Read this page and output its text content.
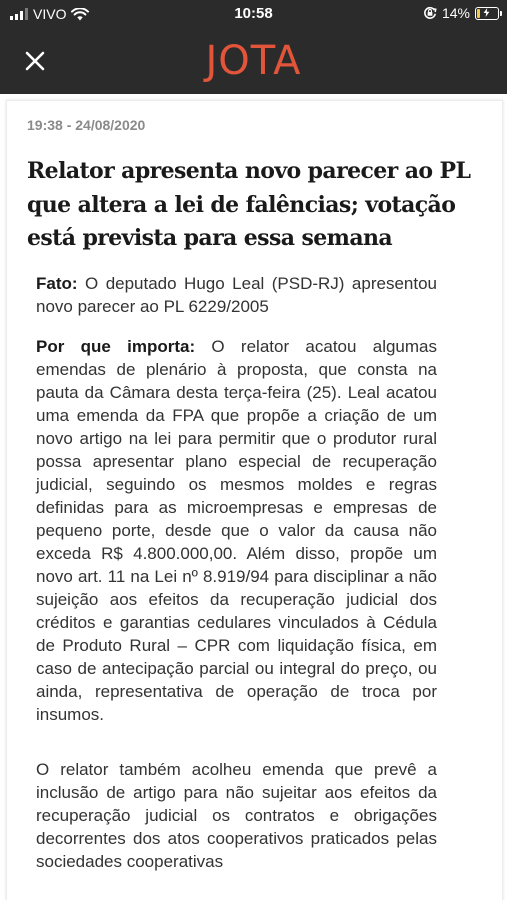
VIVO	10:58	14%
JOTA
19:38 - 24/08/2020
Relator apresenta novo parecer ao PL que altera a lei de falências; votação está prevista para essa semana

Fato: O deputado Hugo Leal (PSD-RJ) apresentou novo parecer ao PL 6229/2005

Por que importa: O relator acatou algumas emendas de plenário à proposta, que consta na pauta da Câmara desta terça-feira (25). Leal acatou uma emenda da FPA que propõe a criação de um novo artigo na lei para permitir que o produtor rural possa apresentar plano especial de recuperação judicial, seguindo os mesmos moldes e regras definidas para as microempresas e empresas de pequeno porte, desde que o valor da causa não exceda R$ 4.800.000,00. Além disso, propõe um novo art. 11 na Lei nº 8.919/94 para disciplinar a não sujeição aos efeitos da recuperação judicial dos créditos e garantias cedulares vinculados à Cédula de Produto Rural – CPR com liquidação física, em caso de antecipação parcial ou integral do preço, ou ainda, representativa de operação de troca por insumos.

O relator também acolheu emenda que prevê a inclusão de artigo para não sujeitar aos efeitos da recuperação judicial os contratos e obrigações decorrentes dos atos cooperativos praticados pelas sociedades cooperativas
